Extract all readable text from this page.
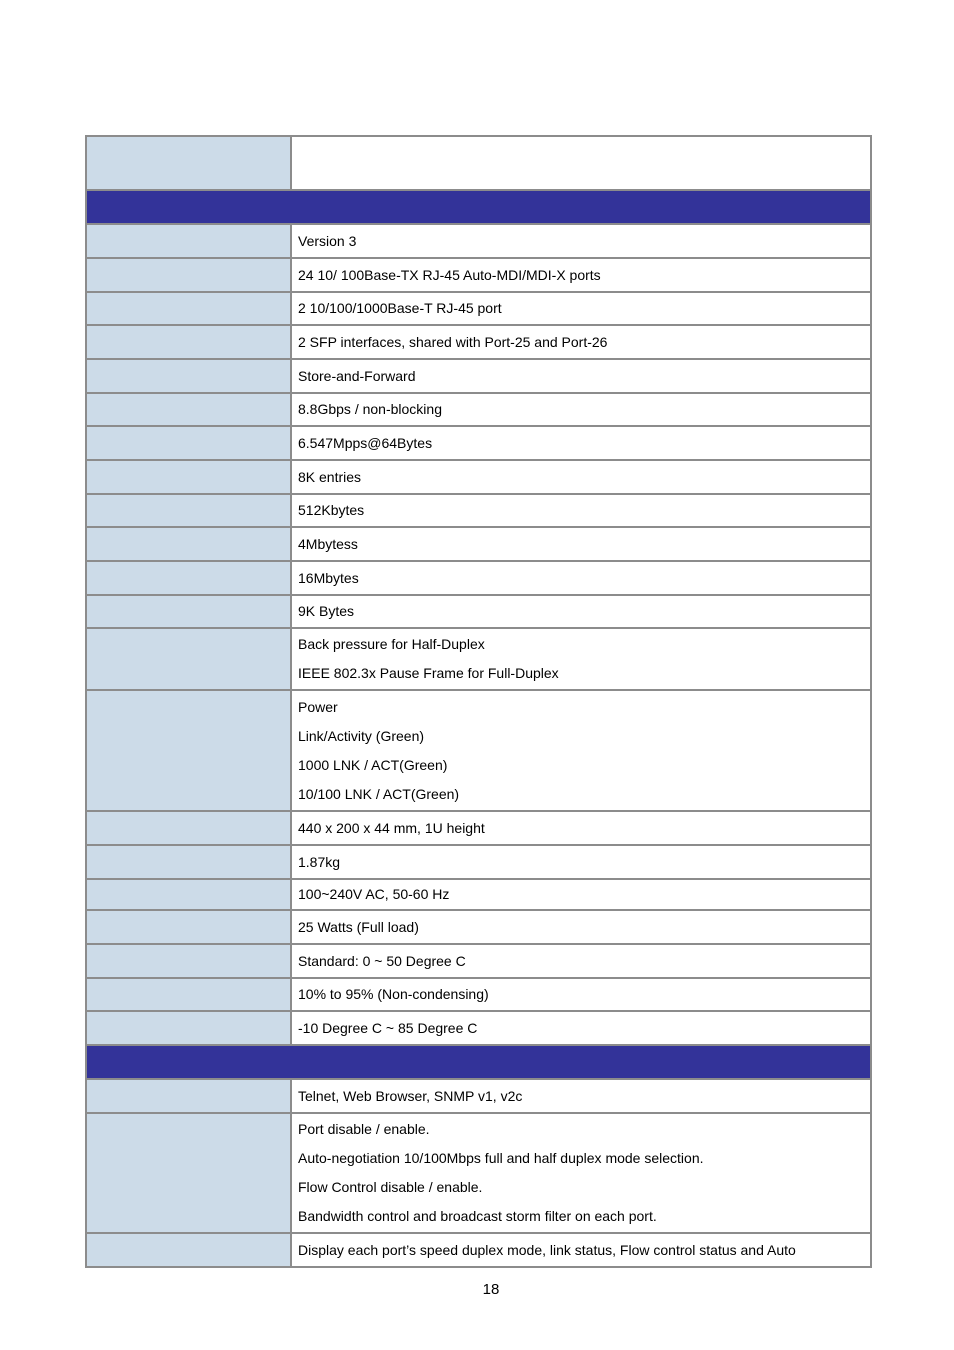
	Version 3

	24 10/ 100Base-TX RJ-45 Auto-MDI/MDI-X ports

	2 10/100/1000Base-T RJ-45 port

	2 SFP interfaces, shared with Port-25 and Port-26

	Store-and-Forward

	8.8Gbps / non-blocking

	6.547Mpps@64Bytes

	8K entries

	512Kbytes

	4Mbytess

	16Mbytes

	9K Bytes

	Back pressure for Half-Duplex
IEEE 802.3x Pause Frame for Full-Duplex

	Power
Link/Activity (Green)
1000 LNK / ACT(Green)
10/100 LNK / ACT(Green)

	440 x 200 x 44 mm, 1U height

	1.87kg

	100~240V AC, 50-60 Hz

	25 Watts (Full load)

	Standard: 0 ~ 50 Degree C

	10% to 95% (Non-condensing)

	-10 Degree C ~ 85 Degree C

	Telnet, Web Browser, SNMP v1, v2c

	Port disable / enable.
Auto-negotiation 10/100Mbps full and half duplex mode selection.
Flow Control disable / enable.
Bandwidth control and broadcast storm filter on each port.

	Display each port’s speed duplex mode, link status, Flow control status and Auto
18
